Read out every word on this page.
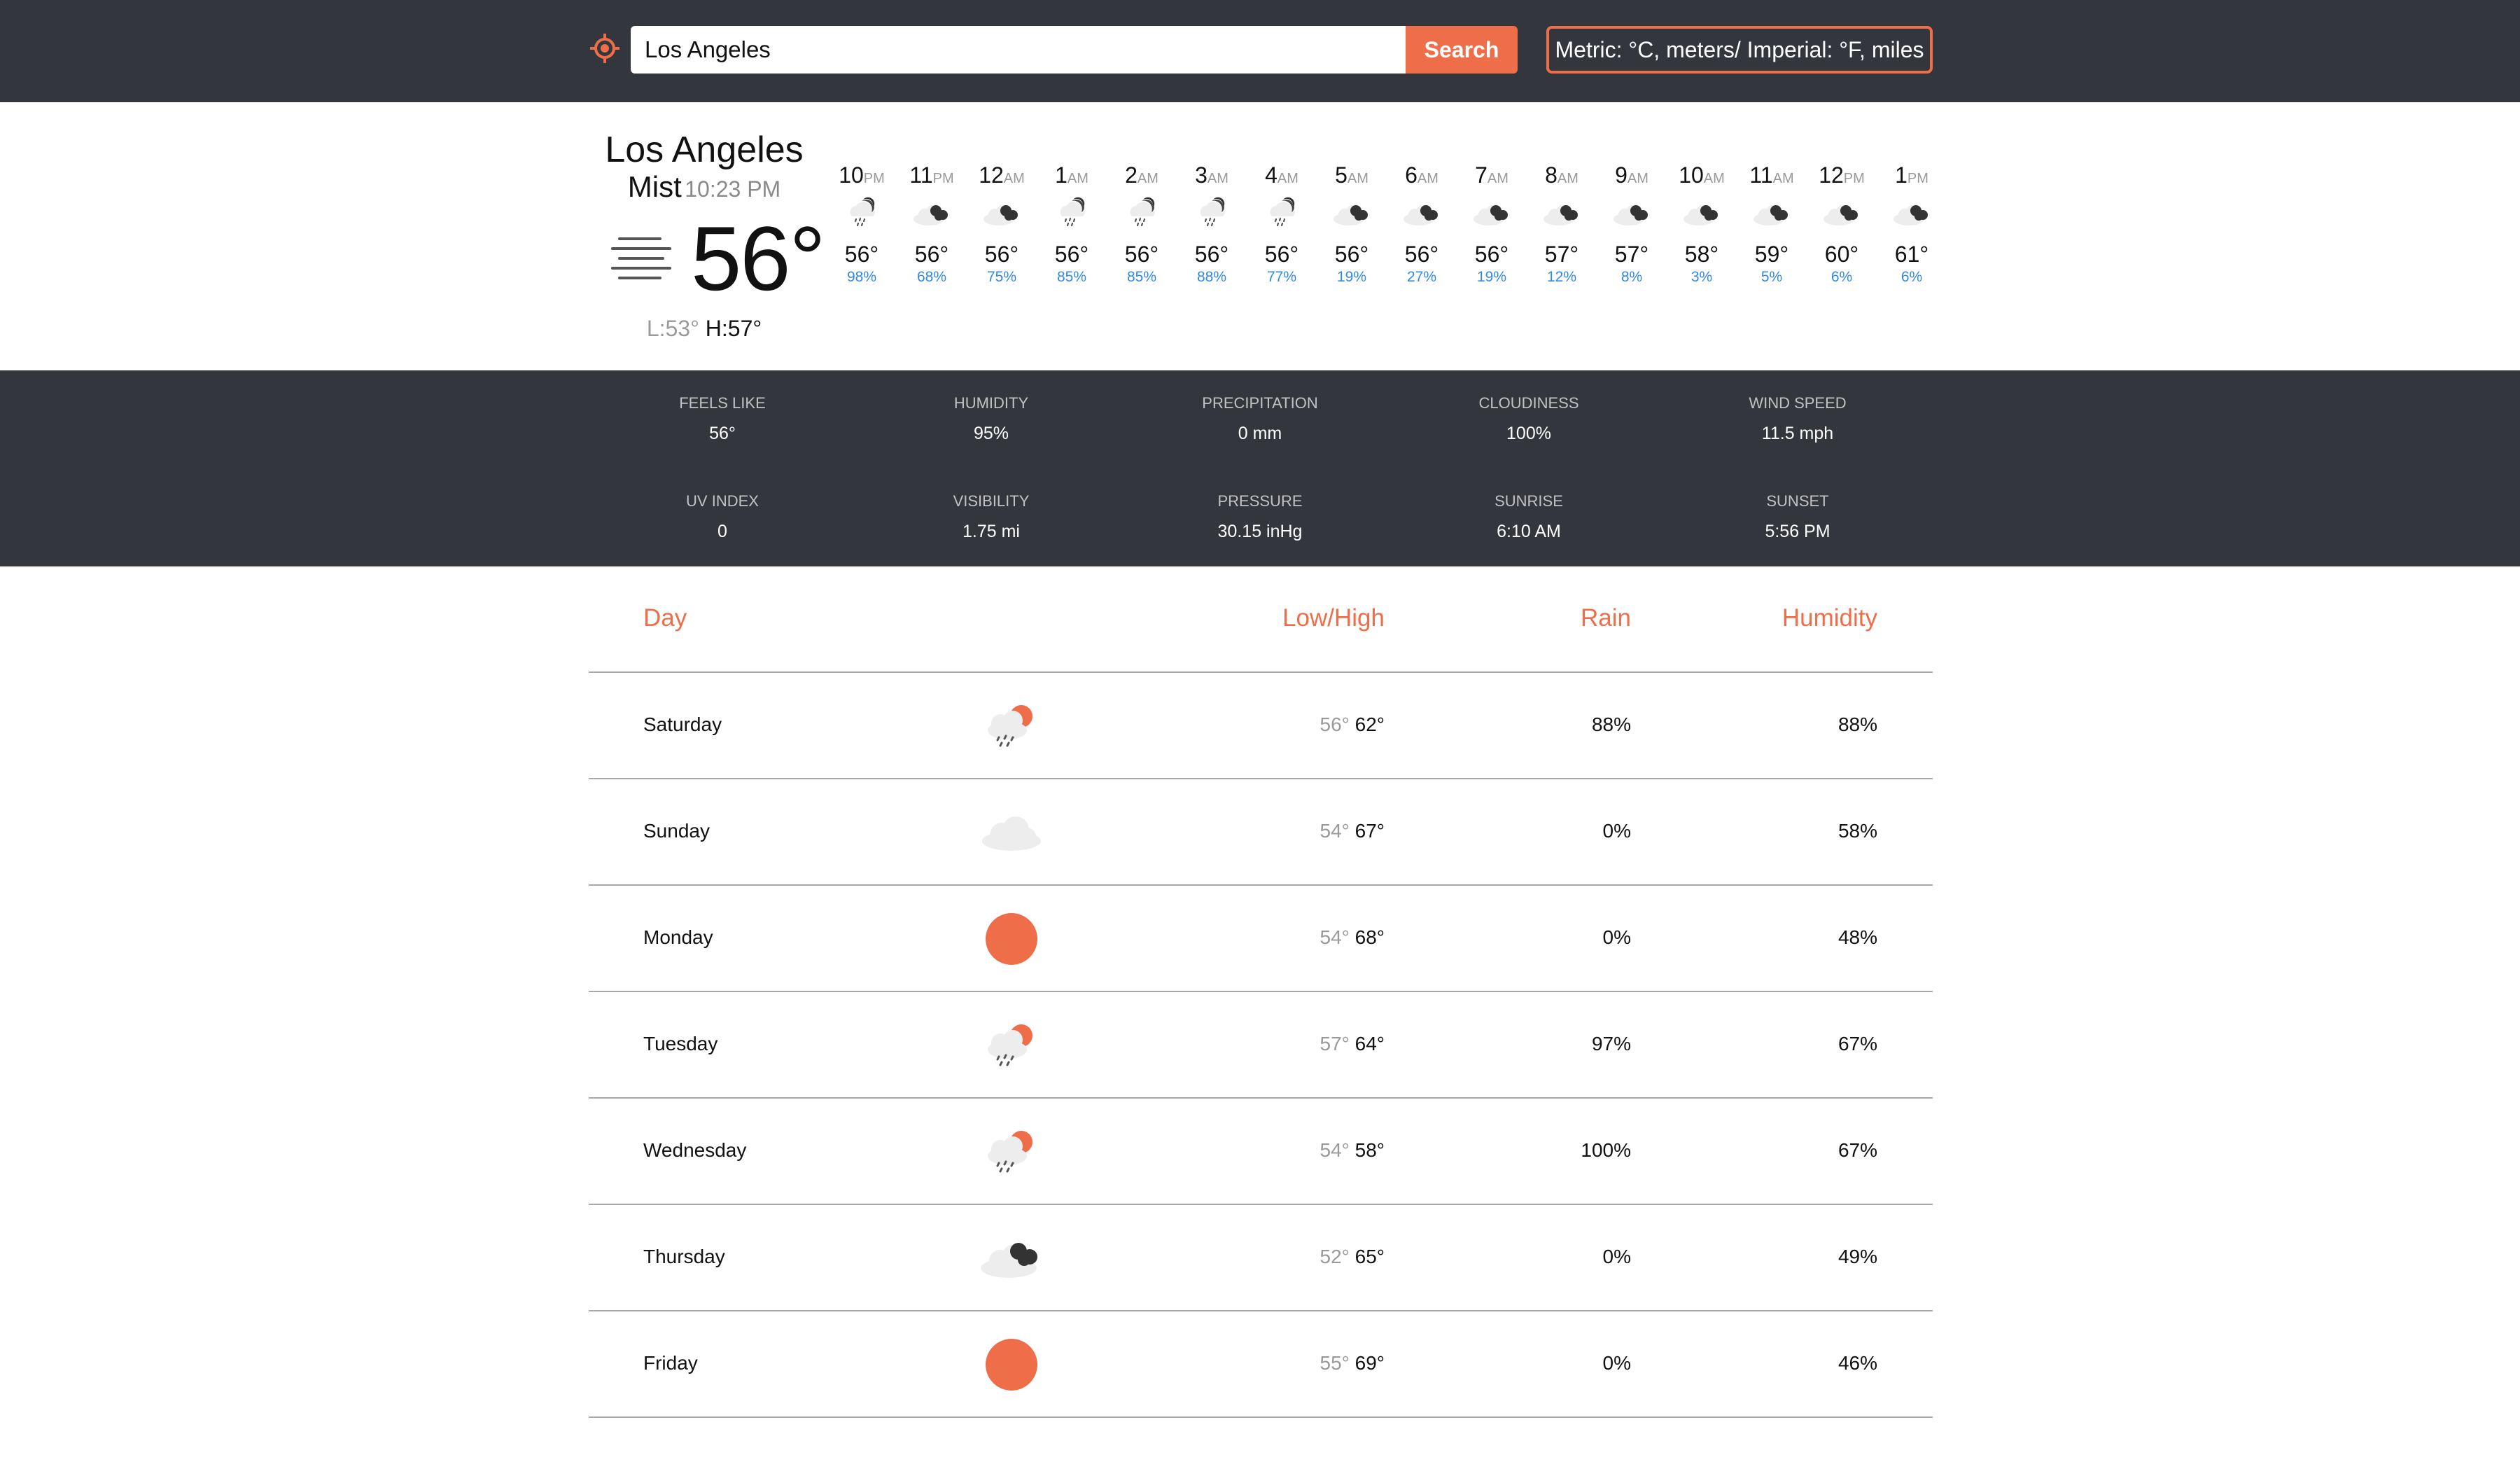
Los Angeles
Search	Metric: °C, meters/ Imperial: °F, miles
Los Angeles
Mist 10:23 PM
56°
L:53° H:57°
10PM
56°
98%
11PM
56°
68%
12AM
56°
75%
1AM
56°
85%
2AM
56°
85%
3AM
56°
88%
4AM
56°
77%
5AM
56°
19%
6AM
56°
27%
7AM
56°
19%
8AM
57°
12%
9AM
57°
8%
10AM
58°
3%
11AM
59°
5%
12PM
60°
6%
1PM
61°
6%
FEELS LIKE
56°
HUMIDITY
95%
PRECIPITATION
0 mm
CLOUDINESS
100%
WIND SPEED
11.5 mph
UV INDEX
0
VISIBILITY
1.75 mi
PRESSURE
30.15 inHg
SUNRISE
6:10 AM
SUNSET
5:56 PM
Day	Low/High	Rain	Humidity
Saturday	56° 62°	88%	88%
Sunday	54° 67°	0%	58%
Monday	54° 68°	0%	48%
Tuesday	57° 64°	97%	67%
Wednesday	54° 58°	100%	67%
Thursday	52° 65°	0%	49%
Friday	55° 69°	0%	46%
